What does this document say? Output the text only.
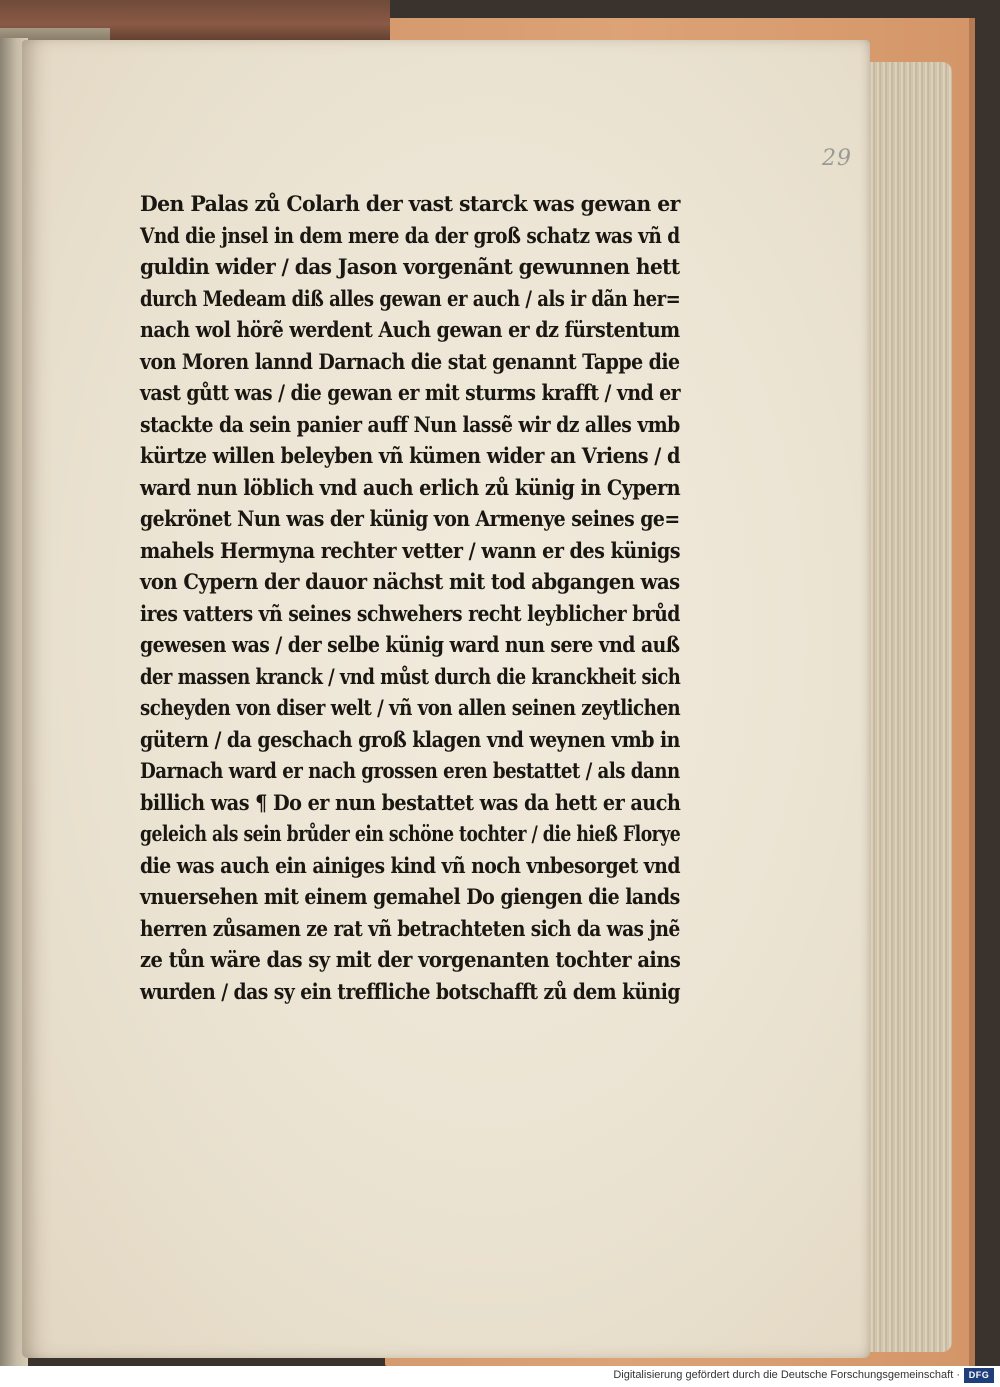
29
Den Palas zů Colarh der vast starck was gewan er
Vnd die jnsel in dem mere da der groß schatz was vñ d
guldin wider / das Jason vorgenãnt gewunnen hett
durch Medeam diß alles gewan er auch / als ir dãn her=
nach wol hörẽ werdent Auch gewan er dz fürstentum
von Moren lannd Darnach die stat genannt Tappe die
vast gůtt was / die gewan er mit sturms krafft / vnd er
stackte da sein panier auff Nun lassẽ wir dz alles vmb
kürtze willen beleyben vñ kümen wider an Vriens / d
ward nun löblich vnd auch erlich zů künig in Cypern
gekrönet Nun was der künig von Armenye seines ge=
mahels Hermyna rechter vetter / wann er des künigs
von Cypern der dauor nächst mit tod abgangen was
ires vatters vñ seines schwehers recht leyblicher brůd
gewesen was / der selbe künig ward nun sere vnd auß
der massen kranck / vnd můst durch die kranckheit sich
scheyden von diser welt / vñ von allen seinen zeytlichen
gütern / da geschach groß klagen vnd weynen vmb in
Darnach ward er nach grossen eren bestattet / als dann
billich was ¶ Do er nun bestattet was da hett er auch
geleich als sein brůder ein schöne tochter / die hieß Florye
die was auch ein ainiges kind vñ noch vnbesorget vnd
vnuersehen mit einem gemahel Do giengen die lands
herren zůsamen ze rat vñ betrachteten sich da was jnẽ
ze tůn wäre das sy mit der vorgenanten tochter ains
wurden / das sy ein treffliche botschafft zů dem künig
Digitalisierung gefördert durch die Deutsche Forschungsgemeinschaft · DFG
